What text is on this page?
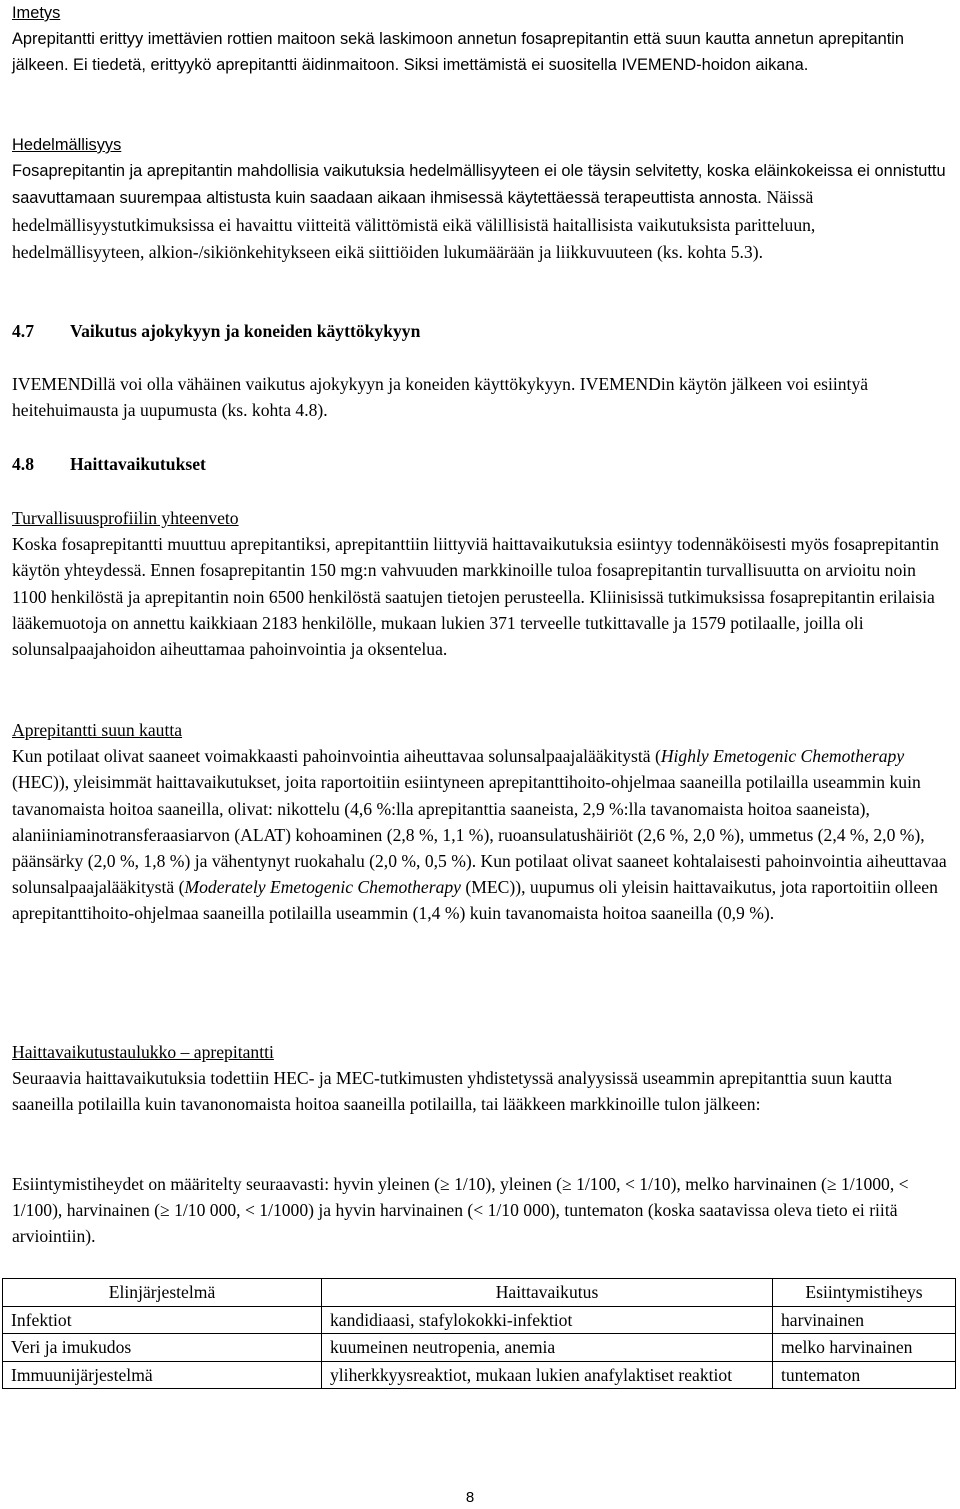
Imetys
Aprepitantti erittyy imettävien rottien maitoon sekä laskimoon annetun fosaprepitantin että suun kautta annetun aprepitantin jälkeen. Ei tiedetä, erittyykö aprepitantti äidinmaitoon. Siksi imettämistä ei suositella IVEMEND-hoidon aikana.

Hedelmällisyys
Fosaprepitantin ja aprepitantin mahdollisia vaikutuksia hedelmällisyyteen ei ole täysin selvitetty, koska eläinkokeissa ei onnistuttu saavuttamaan suurempaa altistusta kuin saadaan aikaan ihmisessä käytettäessä terapeuttista annosta. Näissä hedelmällisyystutkimuksissa ei havaittu viitteitä välittömistä eikä välillisistä haitallisista vaikutuksista paritteluun, hedelmällisyyteen, alkion-/sikiönkehitykseen eikä siittiöiden lukumäärään ja liikkuvuuteen (ks. kohta 5.3).

4.7 Vaikutus ajokykyyn ja koneiden käyttökykyyn

IVEMENDillä voi olla vähäinen vaikutus ajokykyyn ja koneiden käyttökykyyn. IVEMENDin käytön jälkeen voi esiintyä heitehuimausta ja uupumusta (ks. kohta 4.8).

4.8 Haittavaikutukset

Turvallisuusprofiilin yhteenveto
Koska fosaprepitantti muuttuu aprepitantiksi, aprepitanttiin liittyviä haittavaikutuksia esiintyy todennäköisesti myös fosaprepitantin käytön yhteydessä. Ennen fosaprepitantin 150 mg:n vahvuuden markkinoille tuloa fosaprepitantin turvallisuutta on arvioitu noin 1100 henkilöstä ja aprepitantin noin 6500 henkilöstä saatujen tietojen perusteella. Kliinisissä tutkimuksissa fosaprepitantin erilaisia lääkemuotoja on annettu kaikkiaan 2183 henkilölle, mukaan lukien 371 terveelle tutkittavalle ja 1579 potilaalle, joilla oli solunsalpaajahoidon aiheuttamaa pahoinvointia ja oksentelua.

Aprepitantti suun kautta
Kun potilaat olivat saaneet voimakkaasti pahoinvointia aiheuttavaa solunsalpaajalääkitystä (Highly Emetogenic Chemotherapy (HEC)), yleisimmät haittavaikutukset, joita raportoitiin esiintyneen aprepitanttihoito-ohjelmaa saaneilla potilailla useammin kuin tavanomaista hoitoa saaneilla, olivat: nikottelu (4,6 %:lla aprepitanttia saaneista, 2,9 %:lla tavanomaista hoitoa saaneista), alaniiniaminotransferaasiarvon (ALAT) kohoaminen (2,8 %, 1,1 %), ruoansulatushäiriöt (2,6 %, 2,0 %), ummetus (2,4 %, 2,0 %), päänsärky (2,0 %, 1,8 %) ja vähentynyt ruokahalu (2,0 %, 0,5 %). Kun potilaat olivat saaneet kohtalaisesti pahoinvointia aiheuttavaa solunsalpaajalääkitystä (Moderately Emetogenic Chemotherapy (MEC)), uupumus oli yleisin haittavaikutus, jota raportoitiin olleen aprepitanttihoito-ohjelmaa saaneilla potilailla useammin (1,4 %) kuin tavanomaista hoitoa saaneilla (0,9 %).

Haittavaikutustaulukko – aprepitantti
Seuraavia haittavaikutuksia todettiin HEC- ja MEC-tutkimusten yhdistetyssä analyysissä useammin aprepitanttia suun kautta saaneilla potilailla kuin tavanonomaista hoitoa saaneilla potilailla, tai lääkkeen markkinoille tulon jälkeen:

Esiintymistiheydet on määritelty seuraavasti: hyvin yleinen (≥ 1/10), yleinen (≥ 1/100, < 1/10), melko harvinainen (≥ 1/1000, < 1/100), harvinainen (≥ 1/10 000, < 1/1000) ja hyvin harvinainen (< 1/10 000), tuntematon (koska saatavissa oleva tieto ei riitä arviointiin).

Elinjärjestelmä	Haittavaikutus	Esiintymistiheys
Infektiot	kandidiaasi, stafylokokki-infektiot	harvinainen
Veri ja imukudos	kuumeinen neutropenia, anemia	melko harvinainen
Immuunijärjestelmä	yliherkkyysreaktiot, mukaan lukien anafylaktiset reaktiot	tuntematon
8
